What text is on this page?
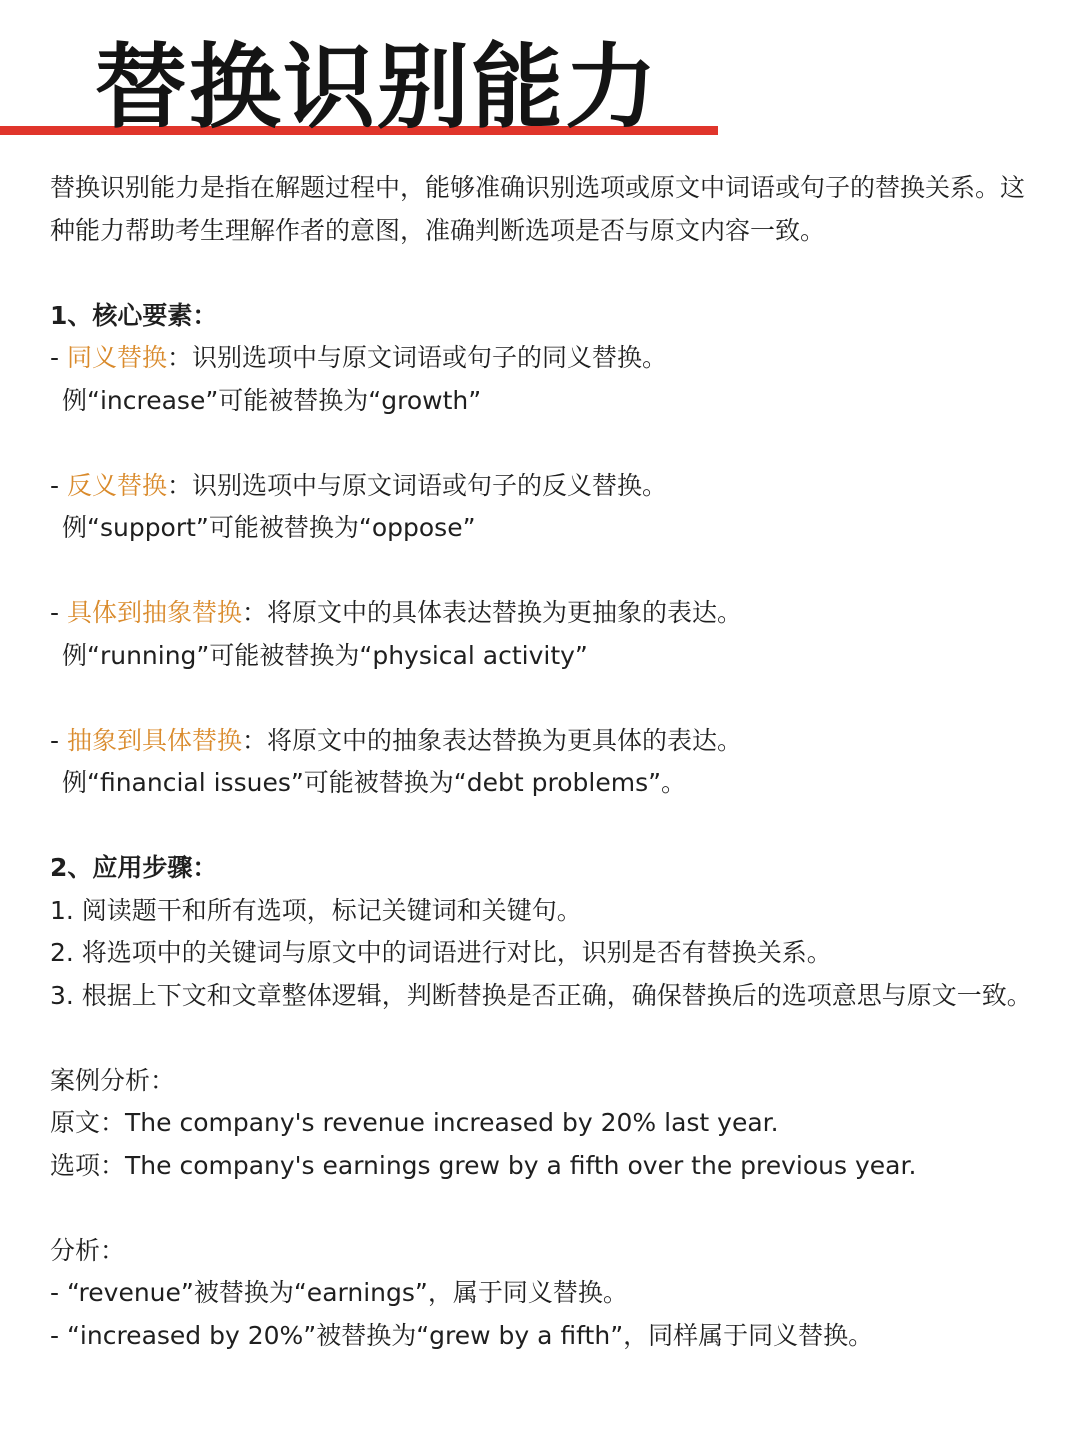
替换识别能力

替换识别能力是指在解题过程中，能够准确识别选项或原文中词语或句子的替换关系。这种能力帮助考生理解作者的意图，准确判断选项是否与原文内容一致。

1、核心要素：

- 同义替换：识别选项中与原文词语或句子的同义替换。

例“increase”可能被替换为“growth”

- 反义替换：识别选项中与原文词语或句子的反义替换。

例“support”可能被替换为“oppose”

- 具体到抽象替换：将原文中的具体表达替换为更抽象的表达。

例“running”可能被替换为“physical activity”

- 抽象到具体替换：将原文中的抽象表达替换为更具体的表达。

例“financial issues”可能被替换为“debt problems”。

2、应用步骤：

1. 阅读题干和所有选项，标记关键词和关键句。

2. 将选项中的关键词与原文中的词语进行对比，识别是否有替换关系。

3. 根据上下文和文章整体逻辑，判断替换是否正确，确保替换后的选项意思与原文一致。

案例分析：

原文：The company's revenue increased by 20% last year.

选项：The company's earnings grew by a fifth over the previous year.

分析：

- “revenue”被替换为“earnings”，属于同义替换。

- “increased by 20%”被替换为“grew by a fifth”，同样属于同义替换。
